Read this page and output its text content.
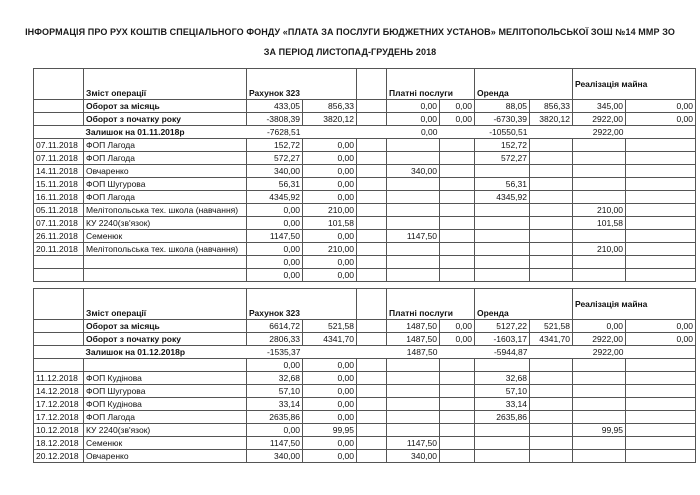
ІНФОРМАЦІЯ ПРО РУХ КОШТІВ СПЕЦІАЛЬНОГО ФОНДУ «ПЛАТА ЗА ПОСЛУГИ БЮДЖЕТНИХ УСТАНОВ» МЕЛІТОПОЛЬСЬКОЇ ЗОШ №14 ММР ЗО
ЗА ПЕРІОД ЛИСТОПАД-ГРУДЕНЬ 2018
	Зміст операції	Рахунок 323			Платні послуги		Оренда		Реалізація майна	
	Оборот за місяць	433,05	856,33		0,00	0,00	88,05	856,33	345,00	0,00
	Оборот з початку року	-3808,39	3820,12		0,00	0,00	-6730,39	3820,12	2922,00	0,00
	Залишок на 01.11.2018р	-7628,51			0,00		-10550,51		2922,00	
07.11.2018	ФОП Лагода	152,72	0,00				152,72			
07.11.2018	ФОП Лагода	572,27	0,00				572,27			
14.11.2018	Овчаренко	340,00	0,00		340,00					
15.11.2018	ФОП Шугурова	56,31	0,00				56,31			
16.11.2018	ФОП Лагода	4345,92	0,00				4345,92			
05.11.2018	Мелітопольська тех. школа (навчання)	0,00	210,00						210,00	
07.11.2018	КУ 2240(зв'язок)	0,00	101,58						101,58	
26.11.2018	Семенюк	1147,50	0,00		1147,50					
20.11.2018	Мелітопольська тех. школа (навчання)	0,00	210,00						210,00	
		0,00	0,00							
		0,00	0,00							
	Зміст операції	Рахунок 323			Платні послуги		Оренда		Реалізація майна	
	Оборот за місяць	6614,72	521,58		1487,50	0,00	5127,22	521,58	0,00	0,00
	Оборот з початку року	2806,33	4341,70		1487,50	0,00	-1603,17	4341,70	2922,00	0,00
	Залишок на 01.12.2018р	-1535,37			1487,50		-5944,87		2922,00	
		0,00	0,00							
11.12.2018	ФОП Кудінова	32,68	0,00				32,68			
14.12.2018	ФОП Шугурова	57,10	0,00				57,10			
17.12.2018	ФОП Кудінова	33,14	0,00				33,14			
17.12.2018	ФОП Лагода	2635,86	0,00				2635,86			
10.12.2018	КУ 2240(зв'язок)	0,00	99,95						99,95	
18.12.2018	Семенюк	1147,50	0,00		1147,50					
20.12.2018	Овчаренко	340,00	0,00		340,00					
